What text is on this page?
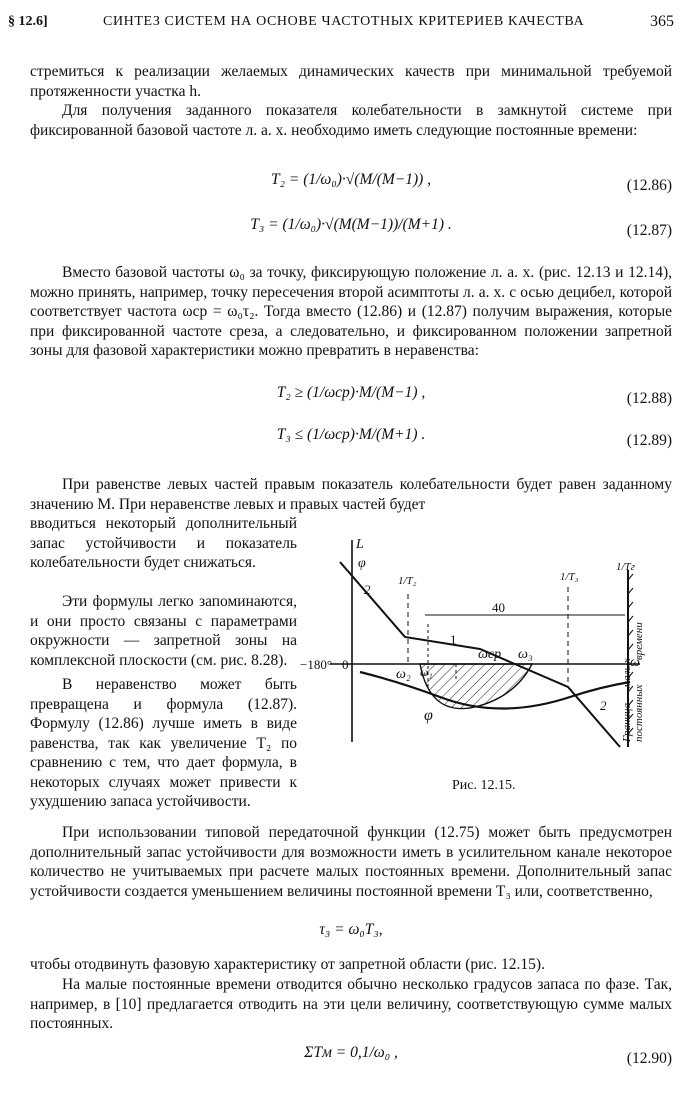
§ 12.6]	СИНТЕЗ СИСТЕМ НА ОСНОВЕ ЧАСТОТНЫХ КРИТЕРИЕВ КАЧЕСТВА	365
стремиться к реализации желаемых динамических качеств при минимальной требуемой протяженности участка h.
Для получения заданного показателя колебательности в замкнутой системе при фиксированной базовой частоте л. а. х. необходимо иметь следующие постоянные времени:
T₂ = (1/ω₀)·√(M/(M−1)) ,	(12.86)
T₃ = (1/ω₀)·√(M(M−1))/(M+1) .	(12.87)
Вместо базовой частоты ω₀ за точку, фиксирующую положение л. а. х. (рис. 12.13 и 12.14), можно принять, например, точку пересечения второй асимптоты л. а. х. с осью децибел, которой соответствует частота ωср = ω₀τ₂. Тогда вместо (12.86) и (12.87) получим выражения, которые при фиксированной частоте среза, а следовательно, и фиксированном положении запретной зоны для фазовой характеристики можно превратить в неравенства:
T₂ ≥ (1/ωср)·M/(M−1) ,	(12.88)
T₃ ≤ (1/ωср)·M/(M+1) .	(12.89)
При равенстве левых частей правым показатель колебательности будет равен заданному значению M. При неравенстве левых и правых частей будет
вводиться некоторый дополнительный запас устойчивости и показатель колебательности будет снижаться.
Эти формулы легко запоминаются, и они просто связаны с параметрами окружности — запретной зоны на комплексной плоскости (см. рис. 8.28).
В неравенство может быть превращена и формула (12.87). Формулу (12.86) лучше иметь в виде равенства, так как увеличение T₂ по сравнению с тем, что дает формула, в некоторых случаях может привести к ухудшению запаса устойчивости.
L
φ
φ
−180° 0	ω
1/T₂	1/T₃
1/Tг
40
1
2
2
ωср ω₃
ω₂ ω₁
Граница
малых
постоянных
времени
Рис. 12.15.
При использовании типовой передаточной функции (12.75) может быть предусмотрен дополнительный запас устойчивости для возможности иметь в усилительном канале некоторое количество не учитываемых при расчете малых постоянных времени. Дополнительный запас устойчивости создается уменьшением величины постоянной времени T₃ или, соответственно,
τ₃ = ω₀T₃,
чтобы отодвинуть фазовую характеристику от запретной области (рис. 12.15).
На малые постоянные времени отводится обычно несколько градусов запаса по фазе. Так, например, в [10] предлагается отводить на эти цели величину, соответствующую сумме малых постоянных.
ΣTм = 0,1/ω₀ ,	(12.90)
